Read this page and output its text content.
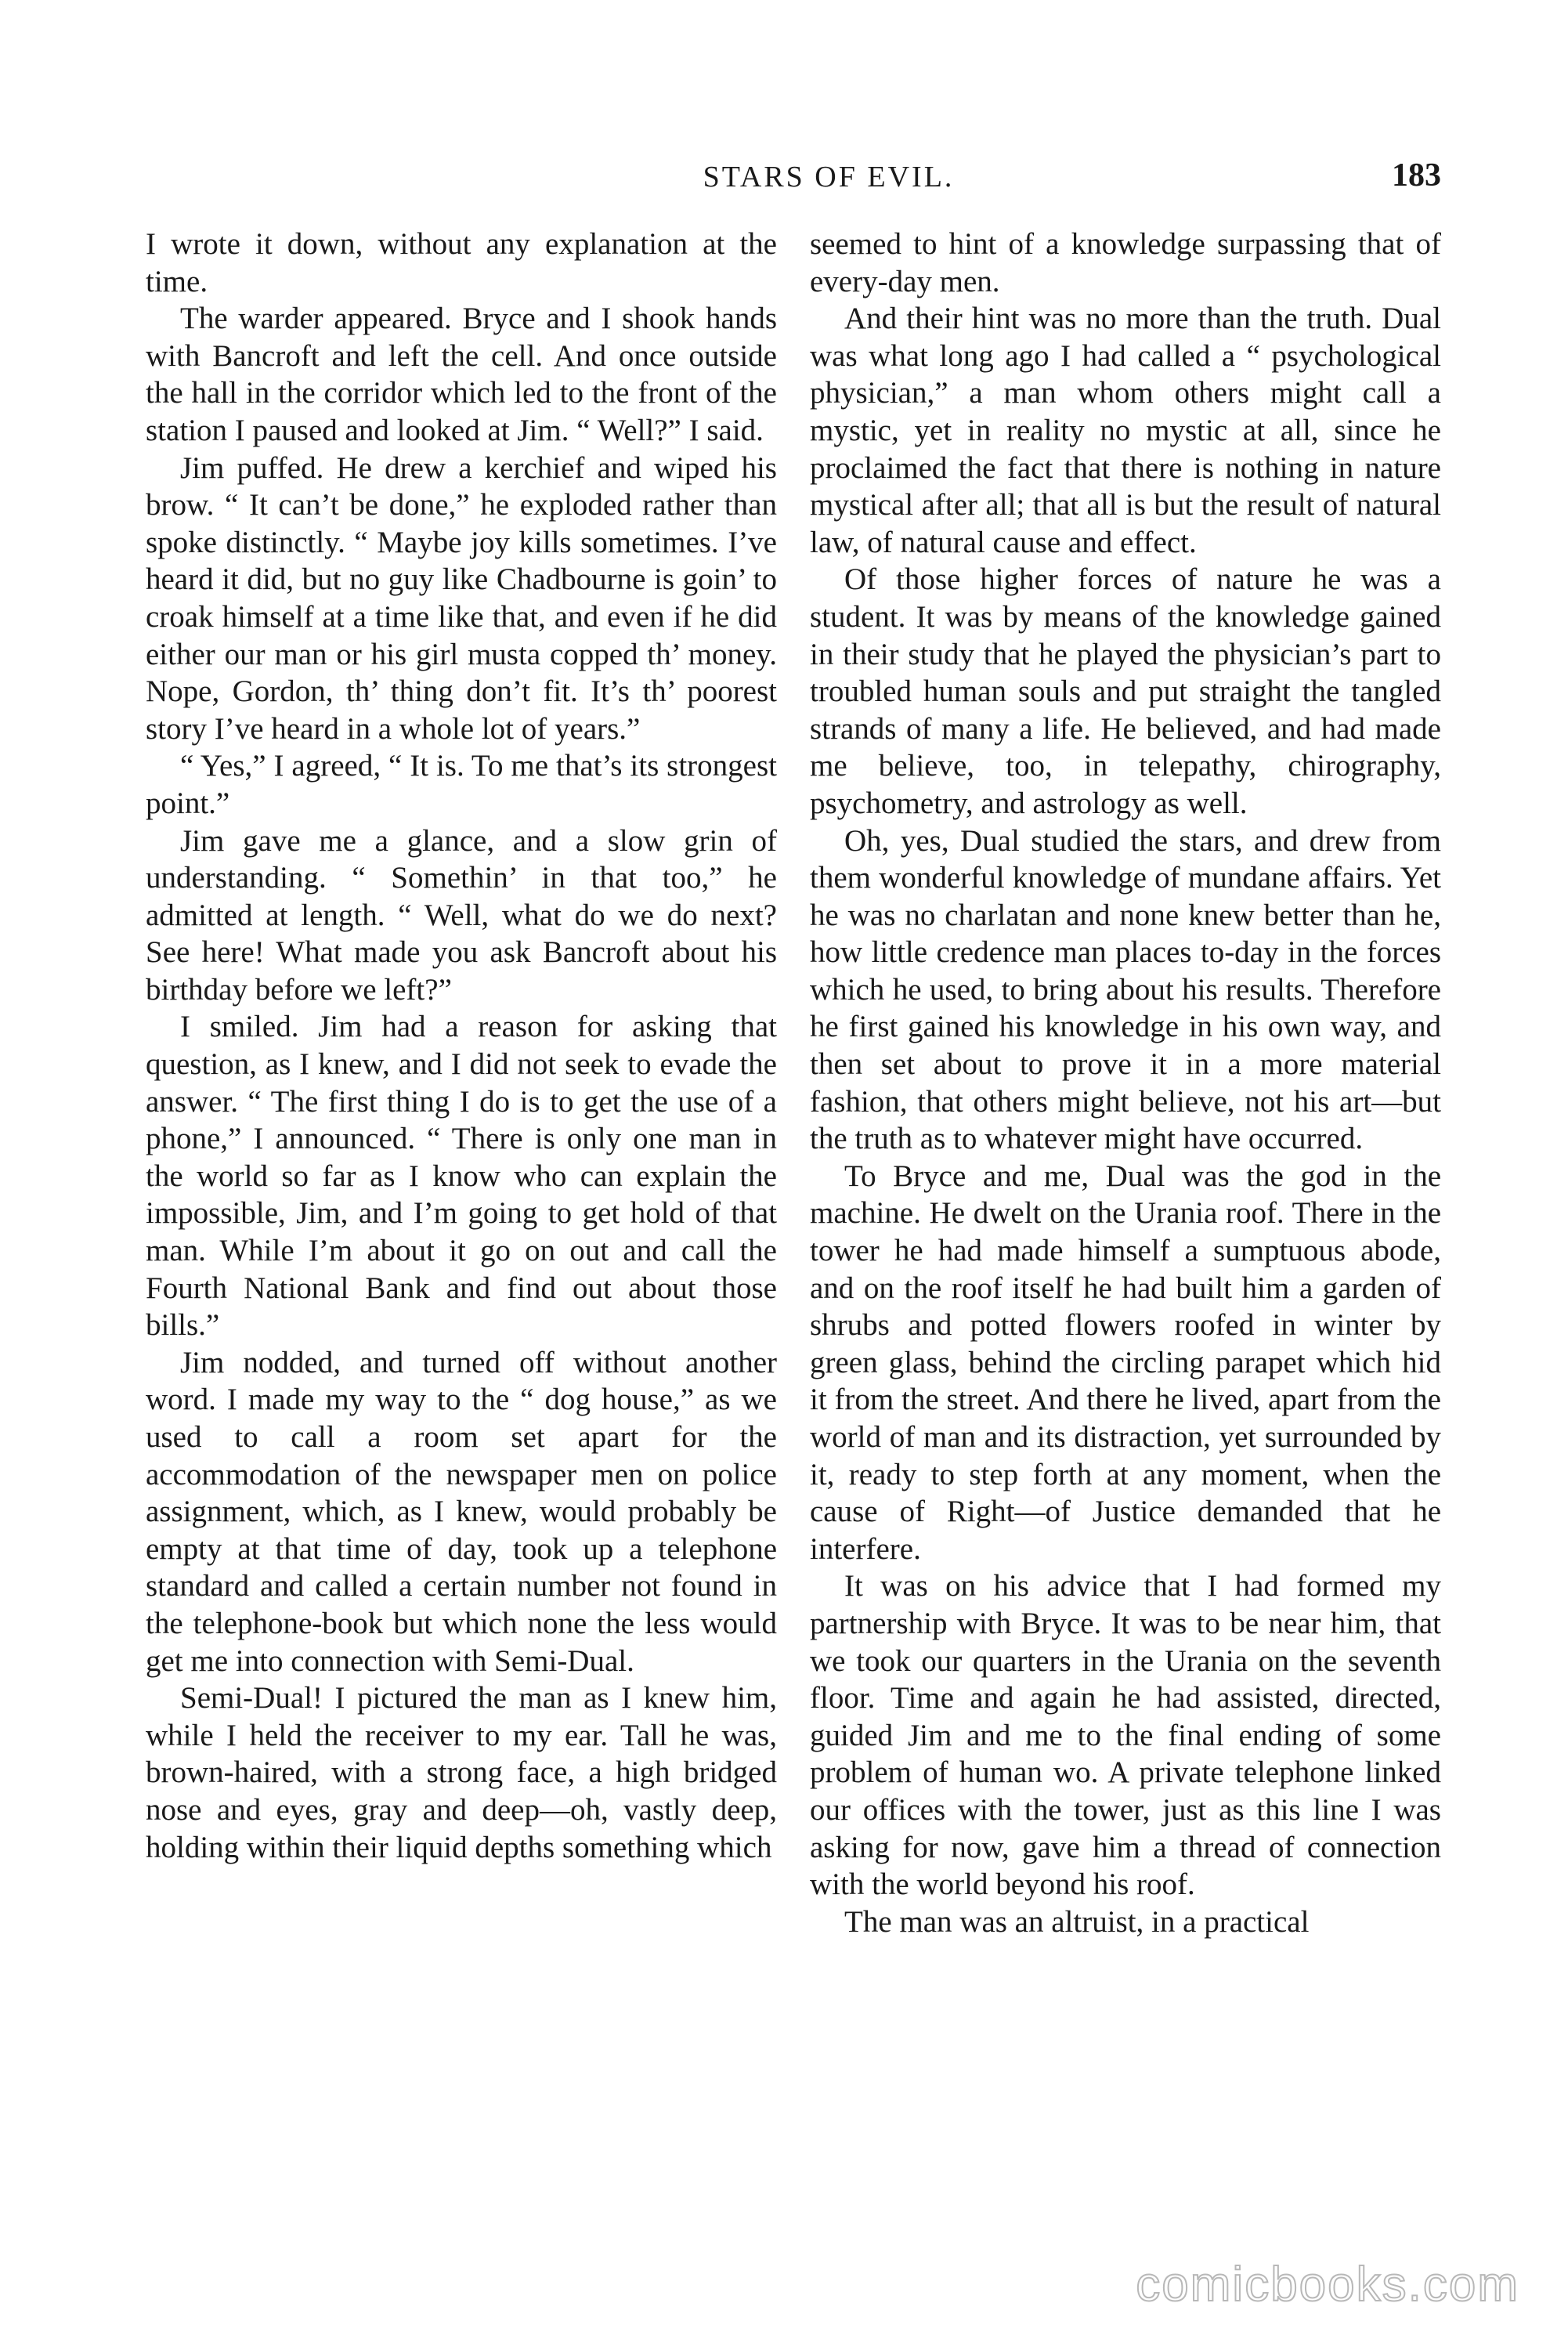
STARS OF EVIL.	183

I wrote it down, without any explanation at the time.

The warder appeared. Bryce and I shook hands with Bancroft and left the cell. And once outside the hall in the corridor which led to the front of the station I paused and looked at Jim. “ Well?” I said.

Jim puffed. He drew a kerchief and wiped his brow. “ It can’t be done,” he exploded rather than spoke distinctly. “ Maybe joy kills sometimes. I’ve heard it did, but no guy like Chadbourne is goin’ to croak himself at a time like that, and even if he did either our man or his girl musta copped th’ money. Nope, Gordon, th’ thing don’t fit. It’s th’ poorest story I’ve heard in a whole lot of years.”

“ Yes,” I agreed, “ It is. To me that’s its strongest point.”

Jim gave me a glance, and a slow grin of understanding. “ Somethin’ in that too,” he admitted at length. “ Well, what do we do next? See here! What made you ask Bancroft about his birthday before we left?”

I smiled. Jim had a reason for asking that question, as I knew, and I did not seek to evade the answer. “ The first thing I do is to get the use of a phone,” I announced. “ There is only one man in the world so far as I know who can explain the impossible, Jim, and I’m going to get hold of that man. While I’m about it go on out and call the Fourth National Bank and find out about those bills.”

Jim nodded, and turned off without another word. I made my way to the “ dog house,” as we used to call a room set apart for the accommodation of the newspaper men on police assignment, which, as I knew, would probably be empty at that time of day, took up a telephone standard and called a certain number not found in the telephone-book but which none the less would get me into connection with Semi-Dual.

Semi-Dual! I pictured the man as I knew him, while I held the receiver to my ear. Tall he was, brown-haired, with a strong face, a high bridged nose and eyes, gray and deep—oh, vastly deep, holding within their liquid depths something which

seemed to hint of a knowledge surpassing that of every-day men.

And their hint was no more than the truth. Dual was what long ago I had called a “ psychological physician,” a man whom others might call a mystic, yet in reality no mystic at all, since he proclaimed the fact that there is nothing in nature mystical after all; that all is but the result of natural law, of natural cause and effect.

Of those higher forces of nature he was a student. It was by means of the knowledge gained in their study that he played the physician’s part to troubled human souls and put straight the tangled strands of many a life. He believed, and had made me believe, too, in telepathy, chirography, psychometry, and astrology as well.

Oh, yes, Dual studied the stars, and drew from them wonderful knowledge of mundane affairs. Yet he was no charlatan and none knew better than he, how little credence man places to-day in the forces which he used, to bring about his results. Therefore he first gained his knowledge in his own way, and then set about to prove it in a more material fashion, that others might believe, not his art—but the truth as to whatever might have occurred.

To Bryce and me, Dual was the god in the machine. He dwelt on the Urania roof. There in the tower he had made himself a sumptuous abode, and on the roof itself he had built him a garden of shrubs and potted flowers roofed in winter by green glass, behind the circling parapet which hid it from the street. And there he lived, apart from the world of man and its distraction, yet surrounded by it, ready to step forth at any moment, when the cause of Right—of Justice demanded that he interfere.

It was on his advice that I had formed my partnership with Bryce. It was to be near him, that we took our quarters in the Urania on the seventh floor. Time and again he had assisted, directed, guided Jim and me to the final ending of some problem of human wo. A private telephone linked our offices with the tower, just as this line I was asking for now, gave him a thread of connection with the world beyond his roof.

The man was an altruist, in a practical

comicbooks.com
